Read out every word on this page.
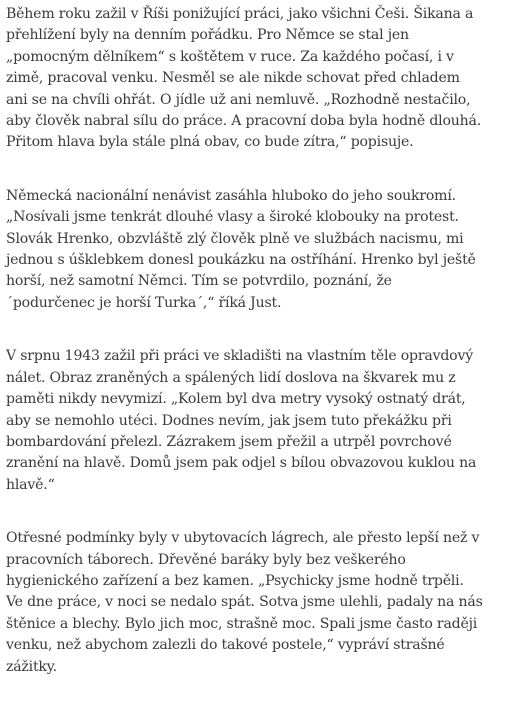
Během roku zažil v Říši ponižující práci, jako všichni Češi. Šikana a
přehlížení byly na denním pořádku. Pro Němce se stal jen
„pomocným dělníkem“ s koštětem v ruce. Za každého počasí, i v
zimě, pracoval venku. Nesměl se ale nikde schovat před chladem
ani se na chvíli ohřát. O jídle už ani nemluvě. „Rozhodně nestačilo,
aby člověk nabral sílu do práce. A pracovní doba byla hodně dlouhá.
Přitom hlava byla stále plná obav, co bude zítra,“ popisuje.

Německá nacionální nenávist zasáhla hluboko do jeho soukromí.
„Nosívali jsme tenkrát dlouhé vlasy a široké klobouky na protest.
Slovák Hrenko, obzvláště zlý člověk plně ve službách nacismu, mi
jednou s úšklebkem donesl poukázku na ostříhání. Hrenko byl ještě
horší, než samotní Němci. Tím se potvrdilo, poznání, že
´podurčenec je horší Turka´,“ říká Just.

V srpnu 1943 zažil při práci ve skladišti na vlastním těle opravdový
nálet. Obraz zraněných a spálených lidí doslova na škvarek mu z
paměti nikdy nevymizí. „Kolem byl dva metry vysoký ostnatý drát,
aby se nemohlo utéci. Dodnes nevím, jak jsem tuto překážku při
bombardování přelezl. Zázrakem jsem přežil a utrpěl povrchové
zranění na hlavě. Domů jsem pak odjel s bílou obvazovou kuklou na
hlavě.“

Otřesné podmínky byly v ubytovacích lágrech, ale přesto lepší než v
pracovních táborech. Dřevěné baráky byly bez veškerého
hygienického zařízení a bez kamen. „Psychicky jsme hodně trpěli.
Ve dne práce, v noci se nedalo spát. Sotva jsme ulehli, padaly na nás
štěnice a blechy. Bylo jich moc, strašně moc. Spali jsme často raději
venku, než abychom zalezli do takové postele,“ vypráví strašné
zážitky.
